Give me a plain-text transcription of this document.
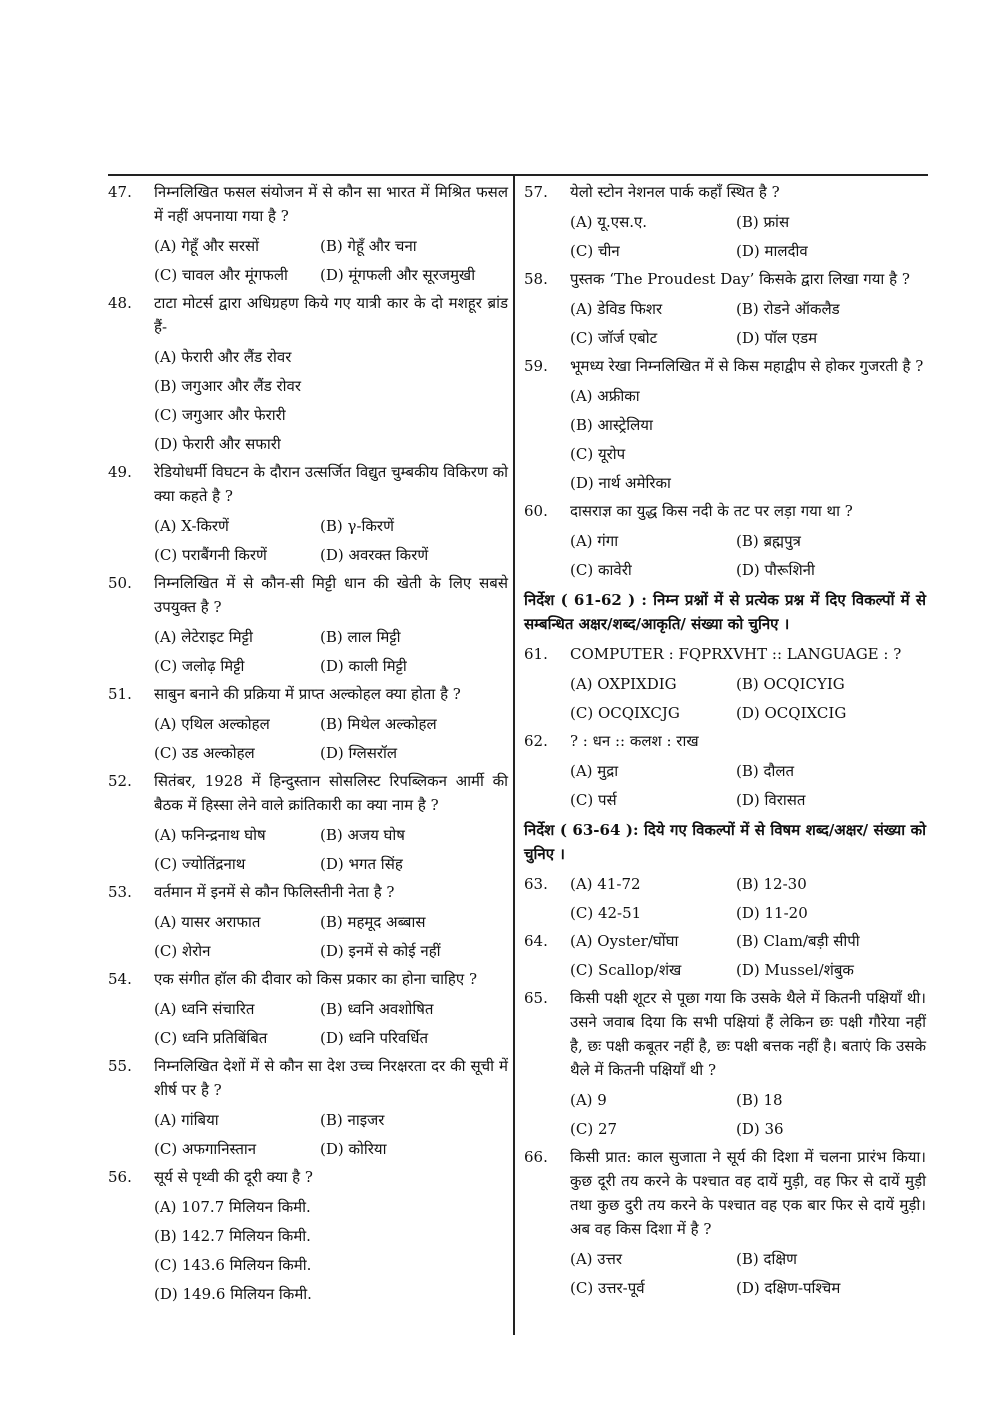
47. निम्नलिखित फसल संयोजन में से कौन सा भारत में मिश्रित फसल में नहीं अपनाया गया है ?
(A) गेहूँ और सरसों	(B) गेहूँ और चना
(C) चावल और मूंगफली	(D) मूंगफली और सूरजमुखी
48. टाटा मोटर्स द्वारा अधिग्रहण किये गए यात्री कार के दो मशहूर ब्रांड हैं-
(A) फेरारी और लैंड रोवर
(B) जगुआर और लैंड रोवर
(C) जगुआर और फेरारी
(D) फेरारी और सफारी
49. रेडियोधर्मी विघटन के दौरान उत्सर्जित विद्युत चुम्बकीय विकिरण को क्या कहते है ?
(A) X-किरणें	(B) γ-किरणें
(C) पराबैंगनी किरणें	(D) अवरक्त किरणें
50. निम्नलिखित में से कौन-सी मिट्टी धान की खेती के लिए सबसे उपयुक्त है ?
(A) लेटेराइट मिट्टी	(B) लाल मिट्टी
(C) जलोढ़ मिट्टी	(D) काली मिट्टी
51. साबुन बनाने की प्रक्रिया में प्राप्त अल्कोहल क्या होता है ?
(A) एथिल अल्कोहल	(B) मिथेल अल्कोहल
(C) उड अल्कोहल	(D) ग्लिसरॉल
52. सितंबर, 1928 में हिन्दुस्तान सोसलिस्ट रिपब्लिकन आर्मी की बैठक में हिस्सा लेने वाले क्रांतिकारी का क्या नाम है ?
(A) फनिन्द्रनाथ घोष	(B) अजय घोष
(C) ज्योतिंद्रनाथ	(D) भगत सिंह
53. वर्तमान में इनमें से कौन फिलिस्तीनी नेता है ?
(A) यासर अराफात	(B) महमूद अब्बास
(C) शेरोन	(D) इनमें से कोई नहीं
54. एक संगीत हॉल की दीवार को किस प्रकार का होना चाहिए ?
(A) ध्वनि संचारित	(B) ध्वनि अवशोषित
(C) ध्वनि प्रतिबिंबित	(D) ध्वनि परिवर्धित
55. निम्नलिखित देशों में से कौन सा देश उच्च निरक्षरता दर की सूची में शीर्ष पर है ?
(A) गांबिया	(B) नाइजर
(C) अफगानिस्तान	(D) कोरिया
56. सूर्य से पृथ्वी की दूरी क्या है ?
(A) 107.7 मिलियन किमी.
(B) 142.7 मिलियन किमी.
(C) 143.6 मिलियन किमी.
(D) 149.6 मिलियन किमी.
57. येलो स्टोन नेशनल पार्क कहाँ स्थित है ?
(A) यू.एस.ए.	(B) फ्रांस
(C) चीन	(D) मालदीव
58. पुस्तक ‘The Proudest Day’ किसके द्वारा लिखा गया है ?
(A) डेविड फिशर	(B) रोडने ऑकलैड
(C) जॉर्ज एबोट	(D) पॉल एडम
59. भूमध्य रेखा निम्नलिखित में से किस महाद्वीप से होकर गुजरती है ?
(A) अफ्रीका
(B) आस्ट्रेलिया
(C) यूरोप
(D) नार्थ अमेरिका
60. दासराज्ञ का युद्ध किस नदी के तट पर लड़ा गया था ?
(A) गंगा	(B) ब्रह्मपुत्र
(C) कावेरी	(D) पौरूशिनी
निर्देश ( 61-62 ) : निम्न प्रश्नों में से प्रत्येक प्रश्न में दिए विकल्पों में से सम्बन्धित अक्षर/शब्द/आकृति/ संख्या को चुनिए ।
61. COMPUTER : FQPRXVHT :: LANGUAGE : ?
(A) OXPIXDIG	(B) OCQICYIG
(C) OCQIXCJG	(D) OCQIXCIG
62. ? : धन :: कलश : राख
(A) मुद्रा	(B) दौलत
(C) पर्स	(D) विरासत
निर्देश ( 63-64 ): दिये गए विकल्पों में से विषम शब्द/अक्षर/ संख्या को चुनिए ।
63. (A) 41-72	(B) 12-30
(C) 42-51	(D) 11-20
64. (A) Oyster/घोंघा	(B) Clam/बड़ी सीपी
(C) Scallop/शंख	(D) Mussel/शंबुक
65. किसी पक्षी शूटर से पूछा गया कि उसके थैले में कितनी पक्षियाँ थी। उसने जवाब दिया कि सभी पक्षियां हैं लेकिन छः पक्षी गौरेया नहीं है, छः पक्षी कबूतर नहीं है, छः पक्षी बत्तक नहीं है। बताएं कि उसके थैले में कितनी पक्षियाँ थी ?
(A) 9	(B) 18
(C) 27	(D) 36
66. किसी प्रात: काल सुजाता ने सूर्य की दिशा में चलना प्रारंभ किया। कुछ दूरी तय करने के पश्चात वह दायें मुड़ी, वह फिर से दायें मुड़ी तथा कुछ दुरी तय करने के पश्चात वह एक बार फिर से दायें मुड़ी। अब वह किस दिशा में है ?
(A) उत्तर	(B) दक्षिण
(C) उत्तर-पूर्व	(D) दक्षिण-पश्चिम
